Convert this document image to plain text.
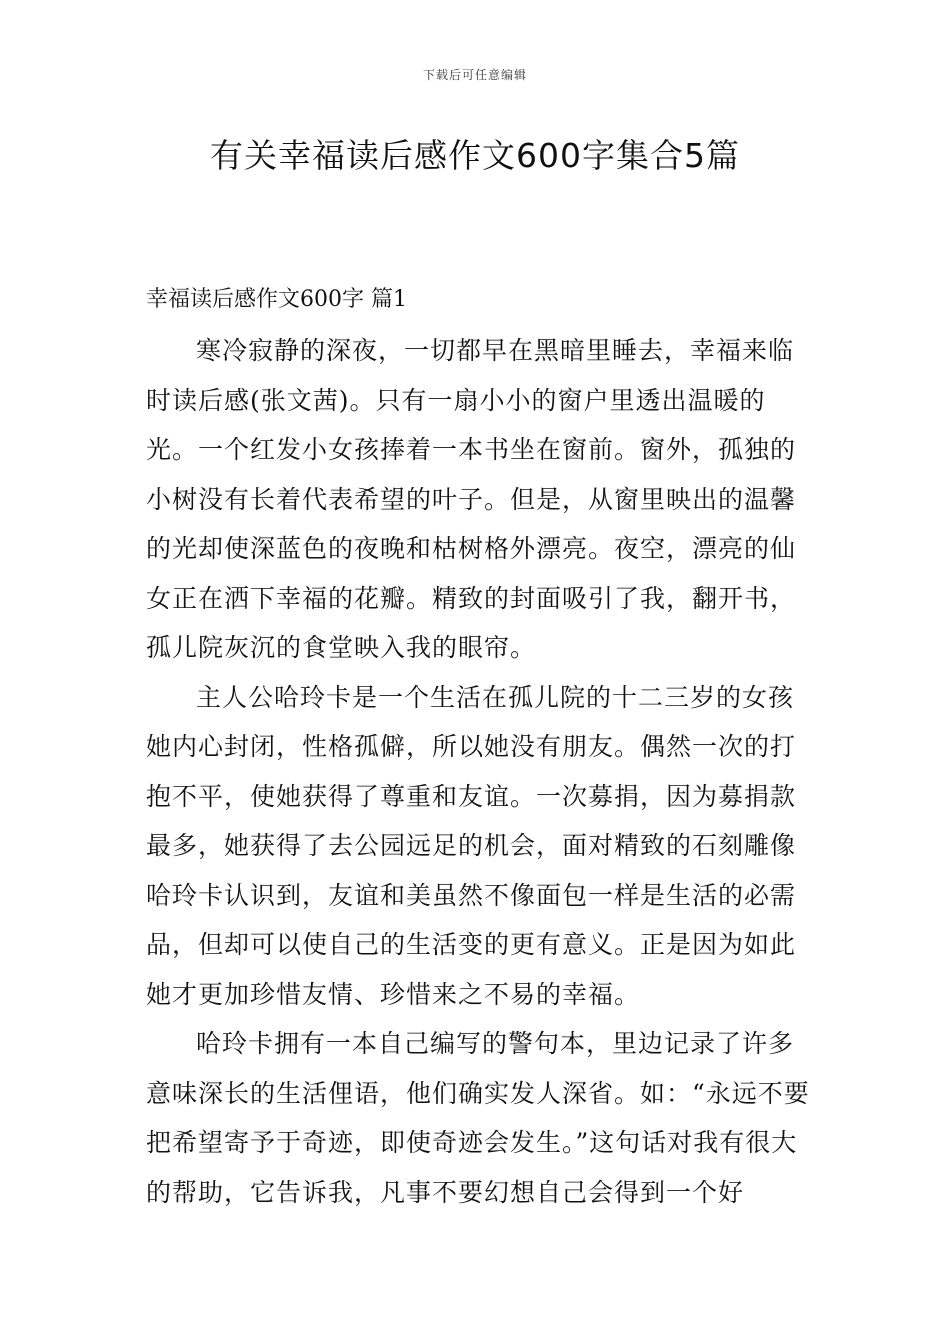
下载后可任意编辑
有关幸福读后感作文600字集合5篇
幸福读后感作文600字 篇1

寒冷寂静的深夜，一切都早在黑暗里睡去，幸福来临时读后感(张文茜)。只有一扇小小的窗户里透出温暖的光。一个红发小女孩捧着一本书坐在窗前。窗外，孤独的小树没有长着代表希望的叶子。但是，从窗里映出的温馨的光却使深蓝色的夜晚和枯树格外漂亮。夜空，漂亮的仙女正在洒下幸福的花瓣。精致的封面吸引了我，翻开书，孤儿院灰沉的食堂映入我的眼帘。

主人公哈玲卡是一个生活在孤儿院的十二三岁的女孩她内心封闭，性格孤僻，所以她没有朋友。偶然一次的打抱不平，使她获得了尊重和友谊。一次募捐，因为募捐款最多，她获得了去公园远足的机会，面对精致的石刻雕像哈玲卡认识到，友谊和美虽然不像面包一样是生活的必需品，但却可以使自己的生活变的更有意义。正是因为如此她才更加珍惜友情、珍惜来之不易的幸福。

哈玲卡拥有一本自己编写的警句本，里边记录了许多意味深长的生活俚语，他们确实发人深省。如：“永远不要把希望寄予于奇迹，即使奇迹会发生。”这句话对我有很大的帮助，它告诉我，凡事不要幻想自己会得到一个好
